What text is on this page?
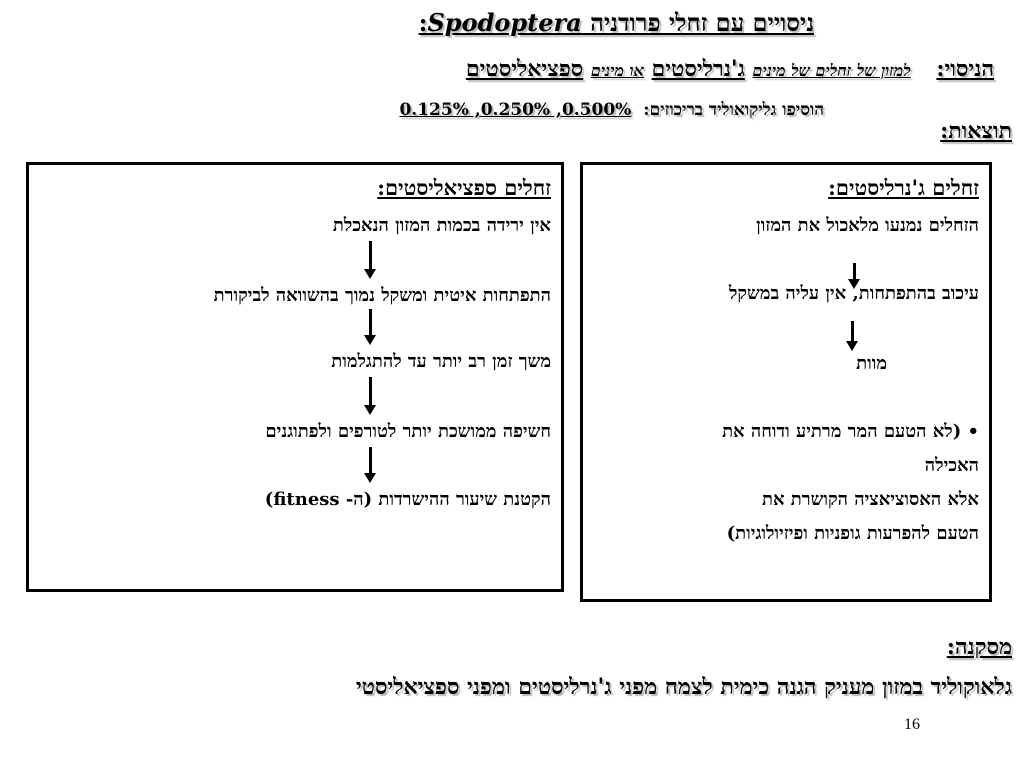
ניסויים עם זחלי פרודניה Spodoptera:
הניסוי: למזון של זחלים של מינים ג'נרליסטים או מינים ספציאליסטים
הוסיפו גליקואוליד בריכוזים: 0.500%, 0.250%, 0.125%
תוצאות:
זחלים ספציאליסטים:
אין ירידה בכמות המזון הנאכלת
התפתחות איטית ומשקל נמוך בהשוואה לביקורת
משך זמן רב יותר עד להתגלמות
חשיפה ממושכת יותר לטורפים ולפתוגנים
הקטנת שיעור ההישרדות (ה- fitness)
זחלים ג'נרליסטים:
הזחלים נמנעו מלאכול את המזון
עיכוב בהתפתחות, אין עליה במשקל
מוות
• (לא הטעם המר מרתיע ודוחה את
האכילה
אלא האסוציאציה הקושרת את
הטעם להפרעות גופניות ופיזיולוגיות)
מסקנה:
גלאוקוליד במזון מעניק הגנה כימית לצמח מפני ג'נרליסטים ומפני ספציאליסטי
16
